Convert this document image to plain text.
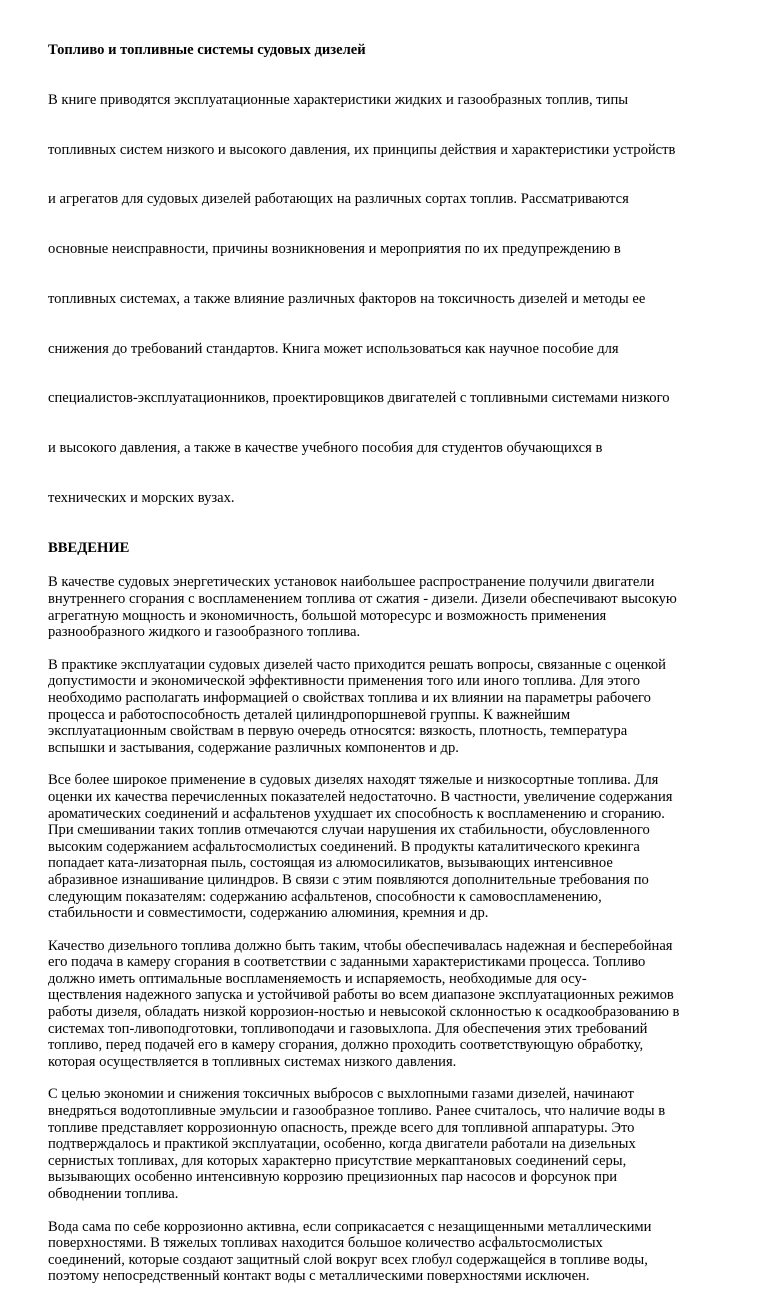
Топливо и топливные системы судовых дизелей

В книге приводятся эксплуатационные характеристики жидких и газообразных топлив, типы

топливных систем низкого и высокого давления, их принципы действия и характеристики устройств

и агрегатов для судовых дизелей работающих на различных сортах топлив. Рассматриваются

основные неисправности, причины возникновения и мероприятия по их предупреждению в

топливных системах, а также влияние различных факторов на токсичность дизелей и методы ее

снижения до требований стандартов. Книга может использоваться как научное пособие для

специалистов-эксплуатационников, проектировщиков двигателей с топливными системами низкого

и высокого давления, а также в качестве учебного пособия для студентов обучающихся в

технических и морских вузах.

ВВЕДЕНИЕ
В качестве судовых энергетических установок наибольшее распространение получили двигатели
внутреннего сгорания с воспламенением топлива от сжатия - дизели. Дизели обеспечивают высокую
агрегатную мощность и экономичность, большой моторесурс и возможность применения
разнообразного жидкого и газообразного топлива.
В практике эксплуатации судовых дизелей часто приходится решать вопросы, связанные с оценкой
допустимости и экономической эффективности применения того или иного топлива. Для этого
необходимо располагать информацией о свойствах топлива и их влиянии на параметры рабочего
процесса и работоспособность деталей цилиндропоршневой группы. К важнейшим
эксплуатационным свойствам в первую очередь относятся: вязкость, плотность, температура
вспышки и застывания, содержание различных компонентов и др.
Все более широкое применение в судовых дизелях находят тяжелые и низкосортные топлива. Для
оценки их качества перечисленных показателей недостаточно. В частности, увеличение содержания
ароматических соединений и асфальтенов ухудшает их способность к воспламенению и сгоранию.
При смешивании таких топлив отмечаются случаи нарушения их стабильности, обусловленного
высоким содержанием асфальтосмолистых соединений. В продукты каталитического крекинга
попадает ката-лизаторная пыль, состоящая из алюмосиликатов, вызывающих интенсивное
абразивное изнашивание цилиндров. В связи с этим появляются дополнительные требования по
следующим показателям: содержанию асфальтенов, способности к самовоспламенению,
стабильности и совместимости, содержанию алюминия, кремния и др.
Качество дизельного топлива должно быть таким, чтобы обеспечивалась надежная и бесперебойная
его подача в камеру сгорания в соответствии с заданными характеристиками процесса. Топливо
должно иметь оптимальные воспламеняемость и испаряемость, необходимые для осу-
ществления надежного запуска и устойчивой работы во всем диапазоне эксплуатационных режимов
работы дизеля, обладать низкой коррозион-ностью и невысокой склонностью к осадкообразованию в
системах топ-ливоподготовки, топливоподачи и газовыхлопа. Для обеспечения этих требований
топливо, перед подачей его в камеру сгорания, должно проходить соответствующую обработку,
которая осуществляется в топливных системах низкого давления.
С целью экономии и снижения токсичных выбросов с выхлопными газами дизелей, начинают
внедряться водотопливные эмульсии и газообразное топливо. Ранее считалось, что наличие воды в
топливе представляет коррозионную опасность, прежде всего для топливной аппаратуры. Это
подтверждалось и практикой эксплуатации, особенно, когда двигатели работали на дизельных
сернистых топливах, для которых характерно присутствие меркаптановых соединений серы,
вызывающих особенно интенсивную коррозию прецизионных пар насосов и форсунок при
обводнении топлива.
Вода сама по себе коррозионно активна, если соприкасается с незащищенными металлическими
поверхностями. В тяжелых топливах находится большое количество асфальтосмолистых
соединений, которые создают защитный слой вокруг всех глобул содержащейся в топливе воды,
поэтому непосредственный контакт воды с металлическими поверхностями исключен.
